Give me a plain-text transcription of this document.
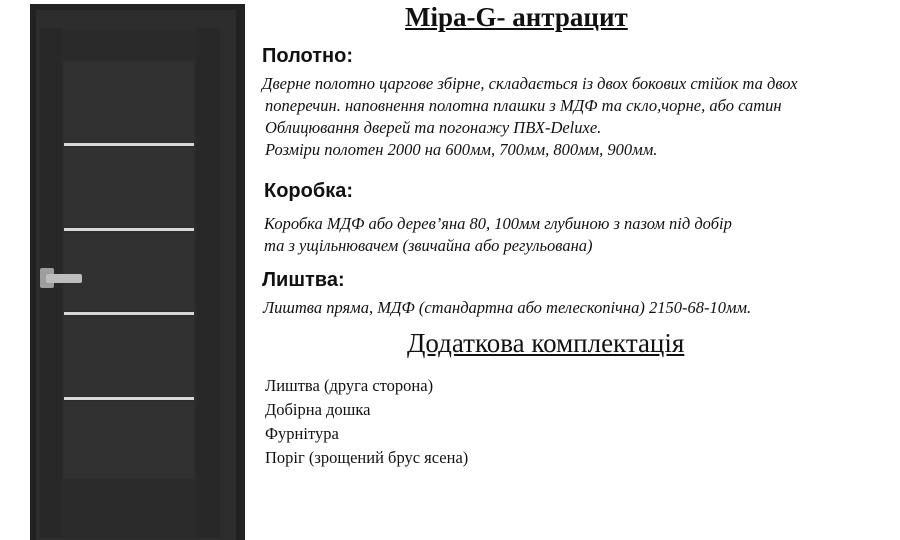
Міра-G- антрацит
Полотно:
Дверне полотно царгове збірне, складається із двох бокових стійок та двох
поперечин. наповнення полотна плашки з МДФ та скло,чорне, або сатин
Облицювання дверей та погонажу ПВХ-Deluxe.
Розміри полотен 2000 на 600мм, 700мм, 800мм, 900мм.
Коробка:
Коробка МДФ або дерев’яна 80, 100мм глубиною з пазом під добір
та з ущільнювачем (звичайна або регульована)
Лиштва:
Лиштва пряма, МДФ (стандартна або телескопічна) 2150-68-10мм.
Додаткова комплектація
Лиштва (друга сторона)
Добірна дошка
Фурнітура
Поріг (зрощений брус ясена)
